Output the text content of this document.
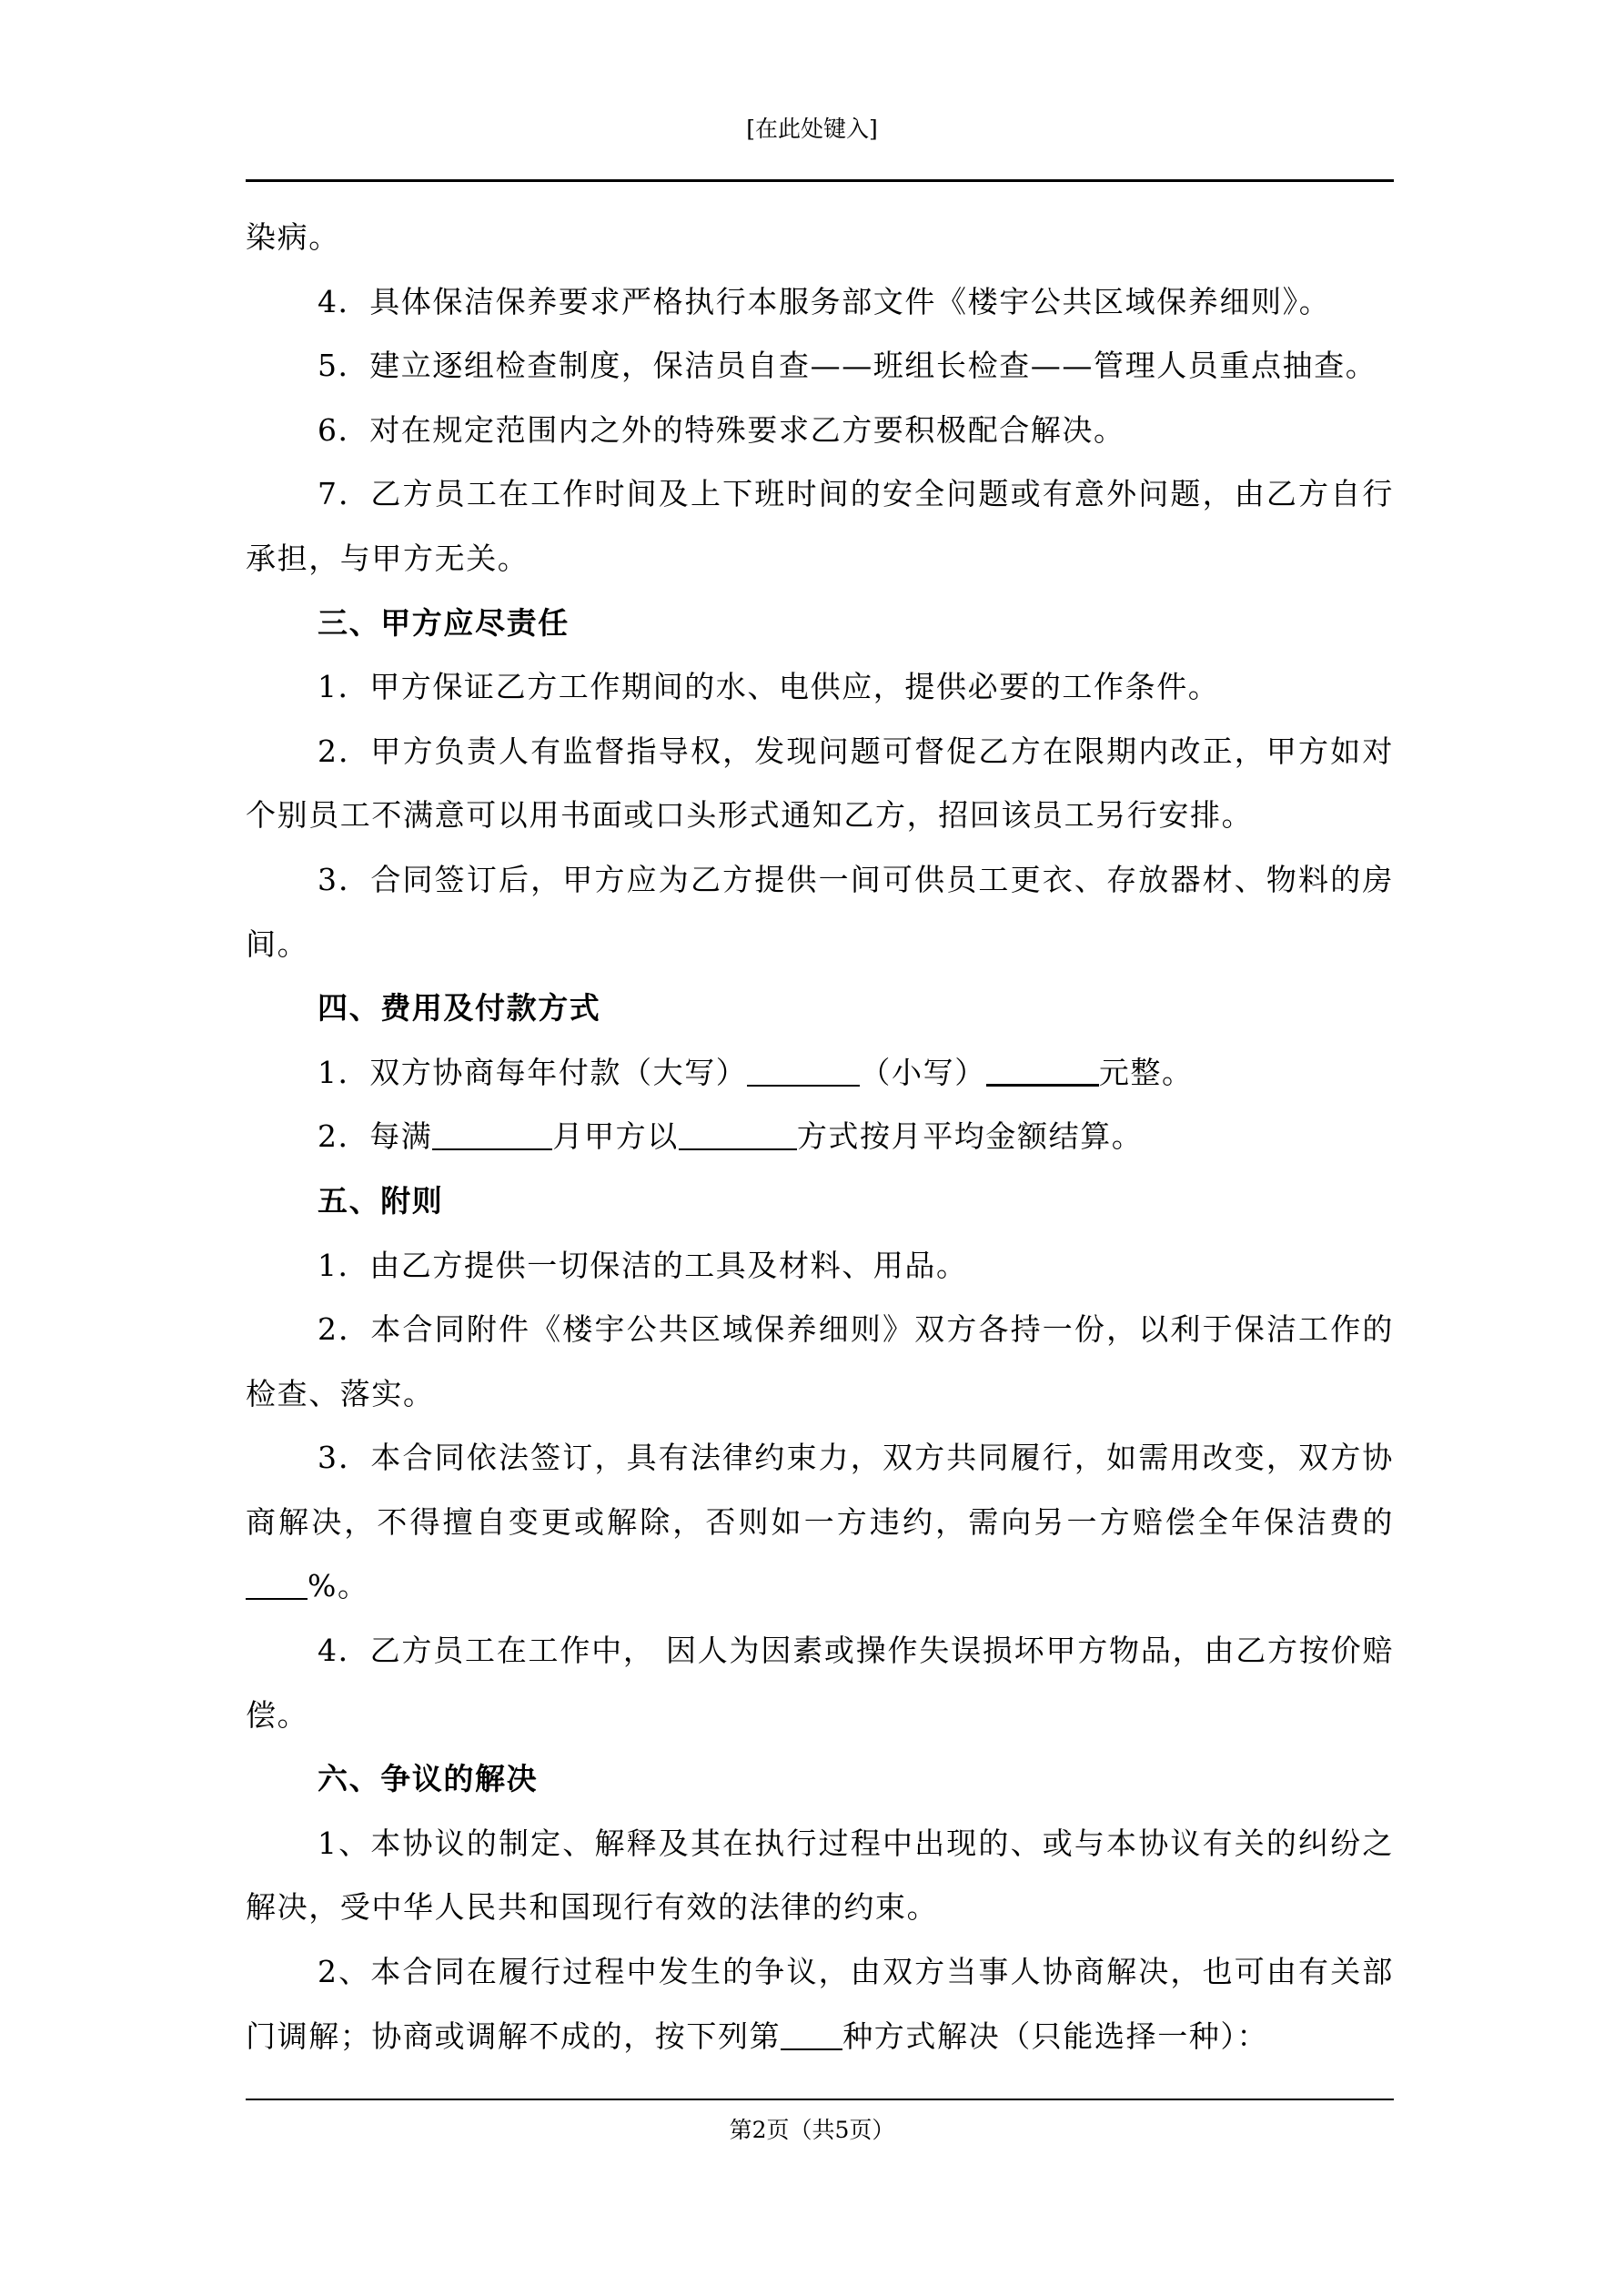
[在此处键入]

染病。

4．具体保洁保养要求严格执行本服务部文件《楼宇公共区域保养细则》。

5．建立逐组检查制度，保洁员自查——班组长检查——管理人员重点抽查。

6．对在规定范围内之外的特殊要求乙方要积极配合解决。

7．乙方员工在工作时间及上下班时间的安全问题或有意外问题，由乙方自行承担，与甲方无关。

三、甲方应尽责任

1．甲方保证乙方工作期间的水、电供应，提供必要的工作条件。

2．甲方负责人有监督指导权，发现问题可督促乙方在限期内改正，甲方如对个别员工不满意可以用书面或口头形式通知乙方，招回该员工另行安排。

3．合同签订后，甲方应为乙方提供一间可供员工更衣、存放器材、物料的房间。

四、费用及付款方式

1．双方协商每年付款（大写）	（小写）	元整。

2．每满	月甲方以	方式按月平均金额结算。

五、附则

1．由乙方提供一切保洁的工具及材料、用品。

2．本合同附件《楼宇公共区域保养细则》双方各持一份，以利于保洁工作的检查、落实。

3．本合同依法签订，具有法律约束力，双方共同履行，如需用改变，双方协商解决，不得擅自变更或解除，否则如一方违约，需向另一方赔偿全年保洁费的%。

4．乙方员工在工作中， 因人为因素或操作失误损坏甲方物品，由乙方按价赔偿。

六、争议的解决

1、本协议的制定、解释及其在执行过程中出现的、或与本协议有关的纠纷之解决，受中华人民共和国现行有效的法律的约束。

2、本合同在履行过程中发生的争议，由双方当事人协商解决，也可由有关部门调解；协商或调解不成的，按下列第 种方式解决（只能选择一种）：

第2页（共5页）
